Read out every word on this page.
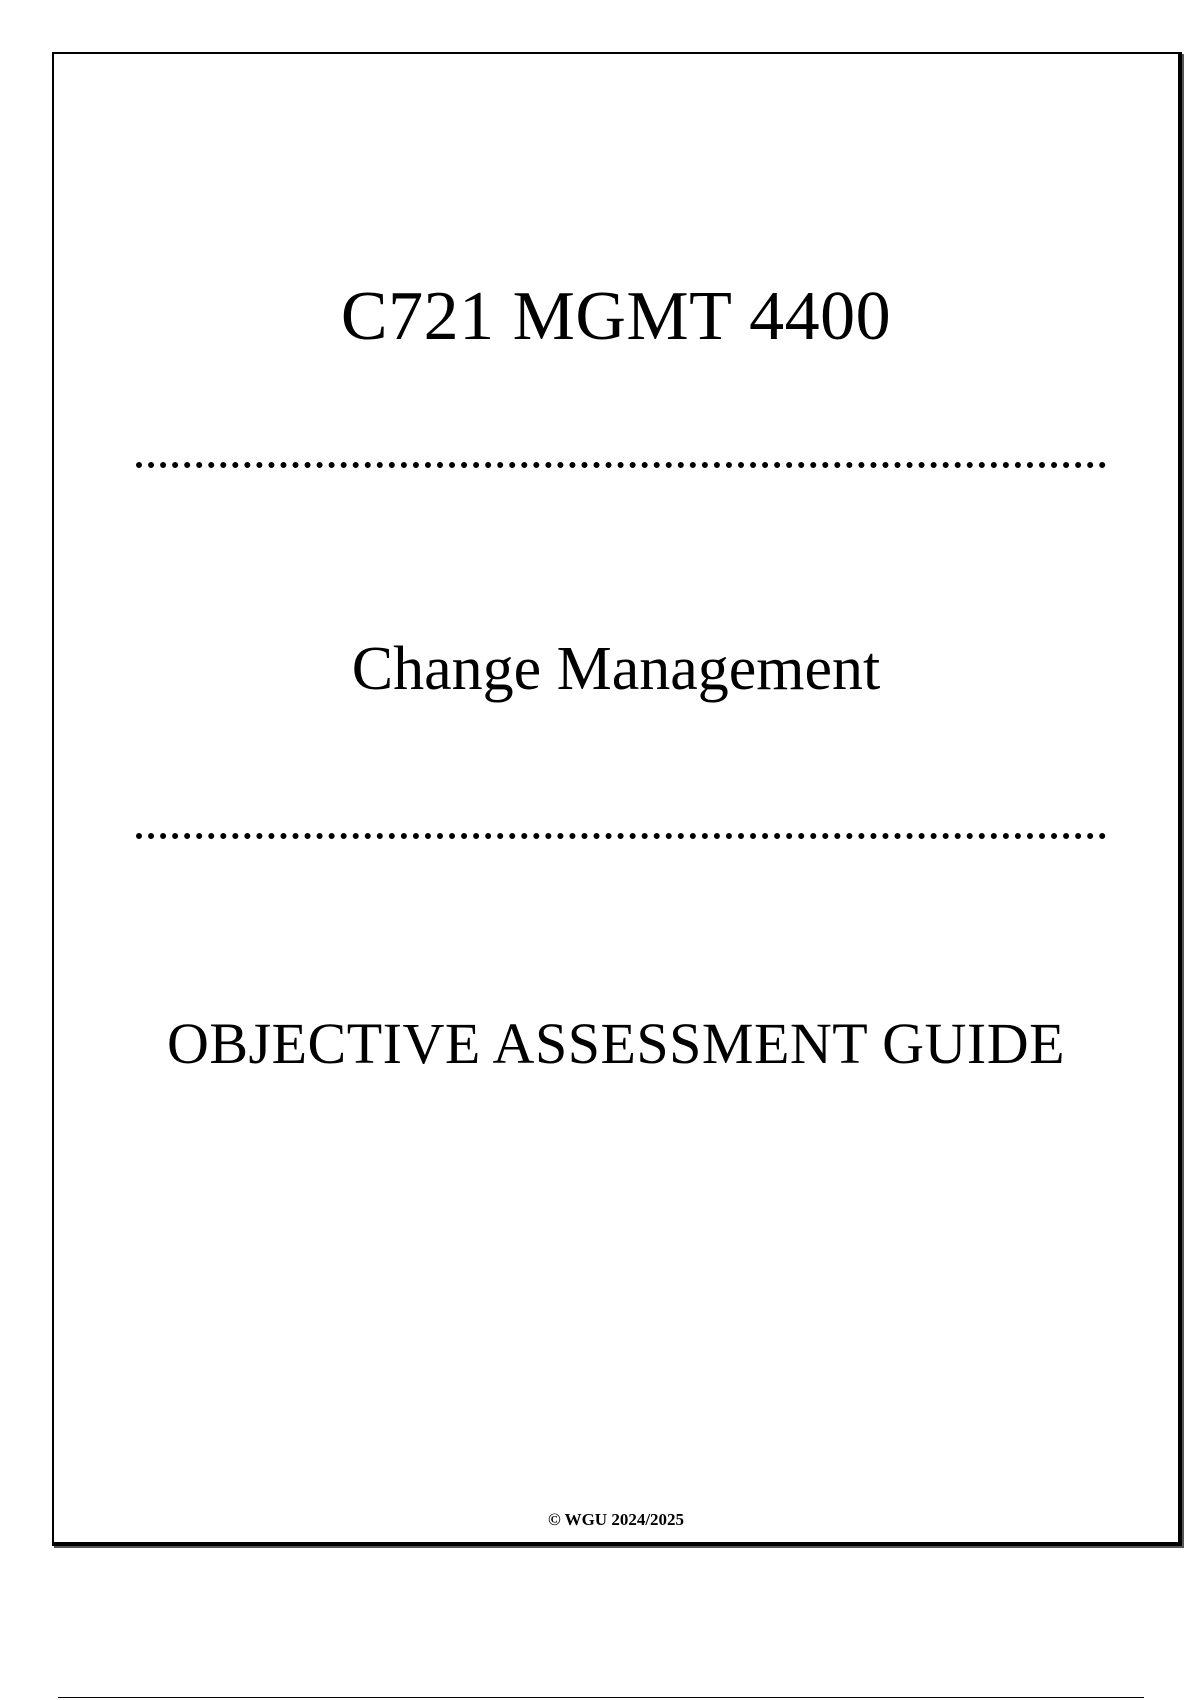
C721 MGMT 4400
Change Management
OBJECTIVE ASSESSMENT GUIDE
© WGU 2024/2025
